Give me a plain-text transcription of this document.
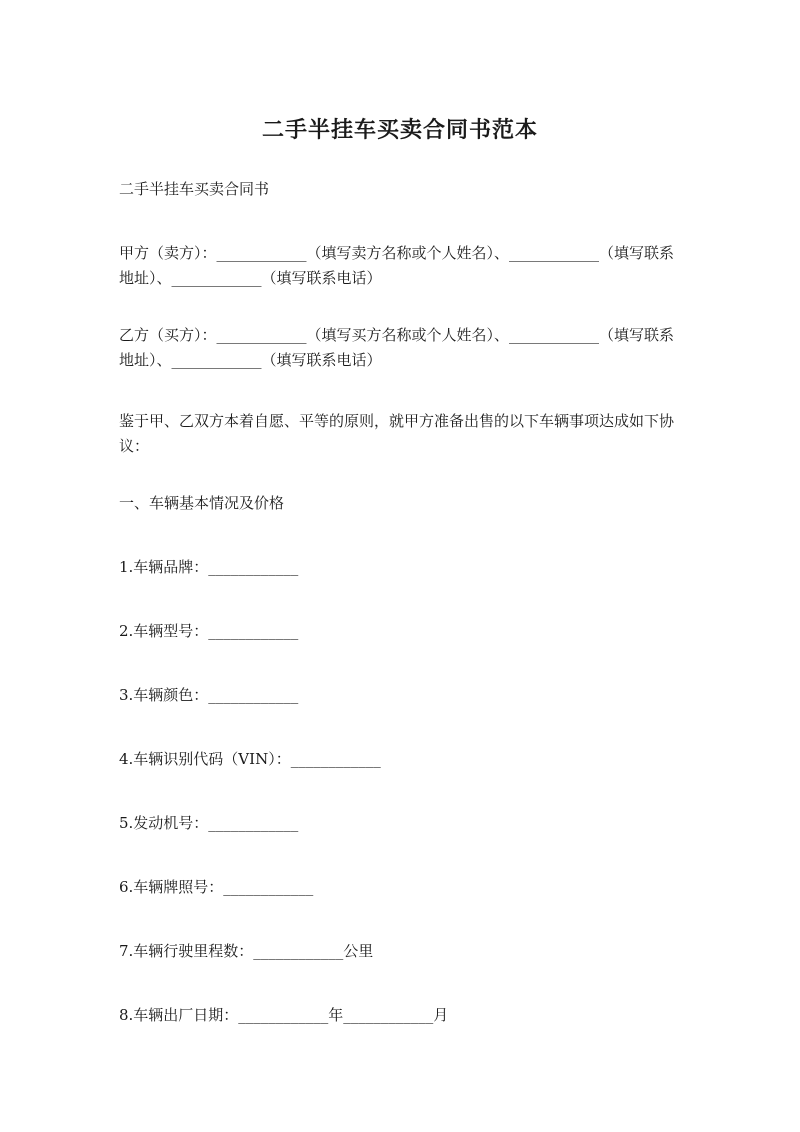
二手半挂车买卖合同书范本

二手半挂车买卖合同书

甲方（卖方）：____________（填写卖方名称或个人姓名）、____________（填写联系地址）、____________（填写联系电话）

乙方（买方）：____________（填写买方名称或个人姓名）、____________（填写联系地址）、____________（填写联系电话）

鉴于甲、乙双方本着自愿、平等的原则，就甲方准备出售的以下车辆事项达成如下协议：

一、车辆基本情况及价格

1.车辆品牌：____________

2.车辆型号：____________

3.车辆颜色：____________

4.车辆识别代码（VIN）：____________

5.发动机号：____________

6.车辆牌照号：____________

7.车辆行驶里程数：____________公里

8.车辆出厂日期：____________年____________月
